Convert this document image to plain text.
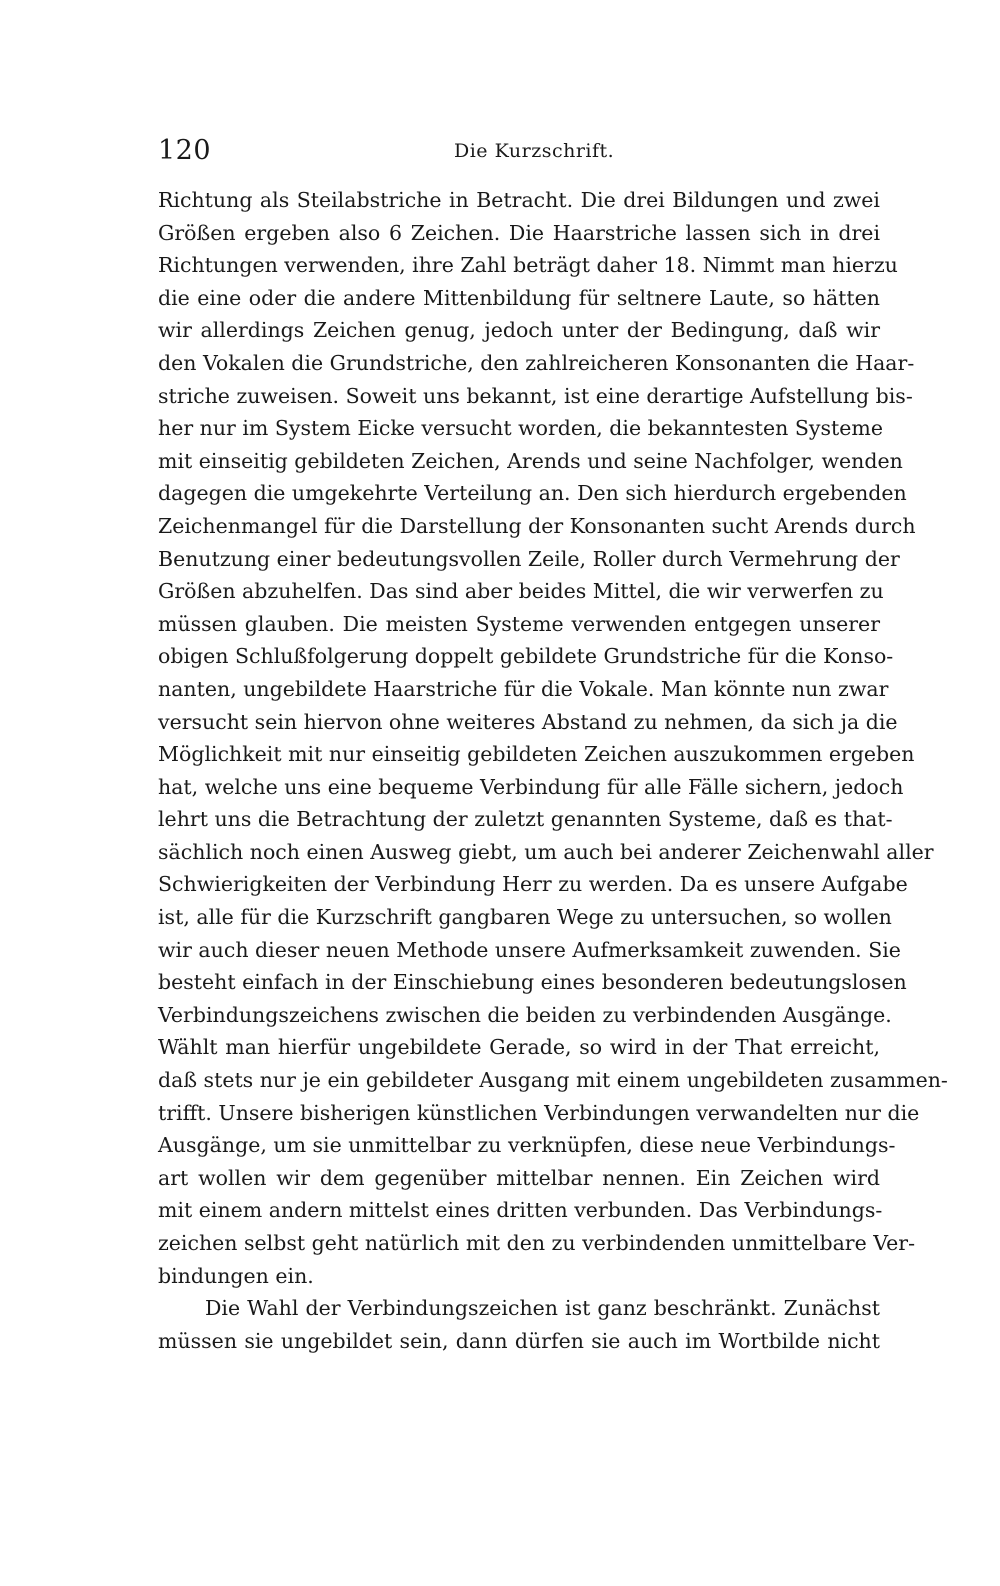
120	Die Kurzschrift.
Richtung als Steilabstriche in Betracht. Die drei Bildungen und zwei
Größen ergeben also 6 Zeichen. Die Haarstriche lassen sich in drei
Richtungen verwenden, ihre Zahl beträgt daher 18. Nimmt man hierzu
die eine oder die andere Mittenbildung für seltnere Laute, so hätten
wir allerdings Zeichen genug, jedoch unter der Bedingung, daß wir
den Vokalen die Grundstriche, den zahlreicheren Konsonanten die Haar-
striche zuweisen. Soweit uns bekannt, ist eine derartige Aufstellung bis-
her nur im System Eicke versucht worden, die bekanntesten Systeme
mit einseitig gebildeten Zeichen, Arends und seine Nachfolger, wenden
dagegen die umgekehrte Verteilung an. Den sich hierdurch ergebenden
Zeichenmangel für die Darstellung der Konsonanten sucht Arends durch
Benutzung einer bedeutungsvollen Zeile, Roller durch Vermehrung der
Größen abzuhelfen. Das sind aber beides Mittel, die wir verwerfen zu
müssen glauben. Die meisten Systeme verwenden entgegen unserer
obigen Schlußfolgerung doppelt gebildete Grundstriche für die Konso-
nanten, ungebildete Haarstriche für die Vokale. Man könnte nun zwar
versucht sein hiervon ohne weiteres Abstand zu nehmen, da sich ja die
Möglichkeit mit nur einseitig gebildeten Zeichen auszukommen ergeben
hat, welche uns eine bequeme Verbindung für alle Fälle sichern, jedoch
lehrt uns die Betrachtung der zuletzt genannten Systeme, daß es that-
sächlich noch einen Ausweg giebt, um auch bei anderer Zeichenwahl aller
Schwierigkeiten der Verbindung Herr zu werden. Da es unsere Aufgabe
ist, alle für die Kurzschrift gangbaren Wege zu untersuchen, so wollen
wir auch dieser neuen Methode unsere Aufmerksamkeit zuwenden. Sie
besteht einfach in der Einschiebung eines besonderen bedeutungslosen
Verbindungszeichens zwischen die beiden zu verbindenden Ausgänge.
Wählt man hierfür ungebildete Gerade, so wird in der That erreicht,
daß stets nur je ein gebildeter Ausgang mit einem ungebildeten zusammen-
trifft. Unsere bisherigen künstlichen Verbindungen verwandelten nur die
Ausgänge, um sie unmittelbar zu verknüpfen, diese neue Verbindungs-
art wollen wir dem gegenüber mittelbar nennen. Ein Zeichen wird
mit einem andern mittelst eines dritten verbunden. Das Verbindungs-
zeichen selbst geht natürlich mit den zu verbindenden unmittelbare Ver-
bindungen ein.
Die Wahl der Verbindungszeichen ist ganz beschränkt. Zunächst
müssen sie ungebildet sein, dann dürfen sie auch im Wortbilde nicht
